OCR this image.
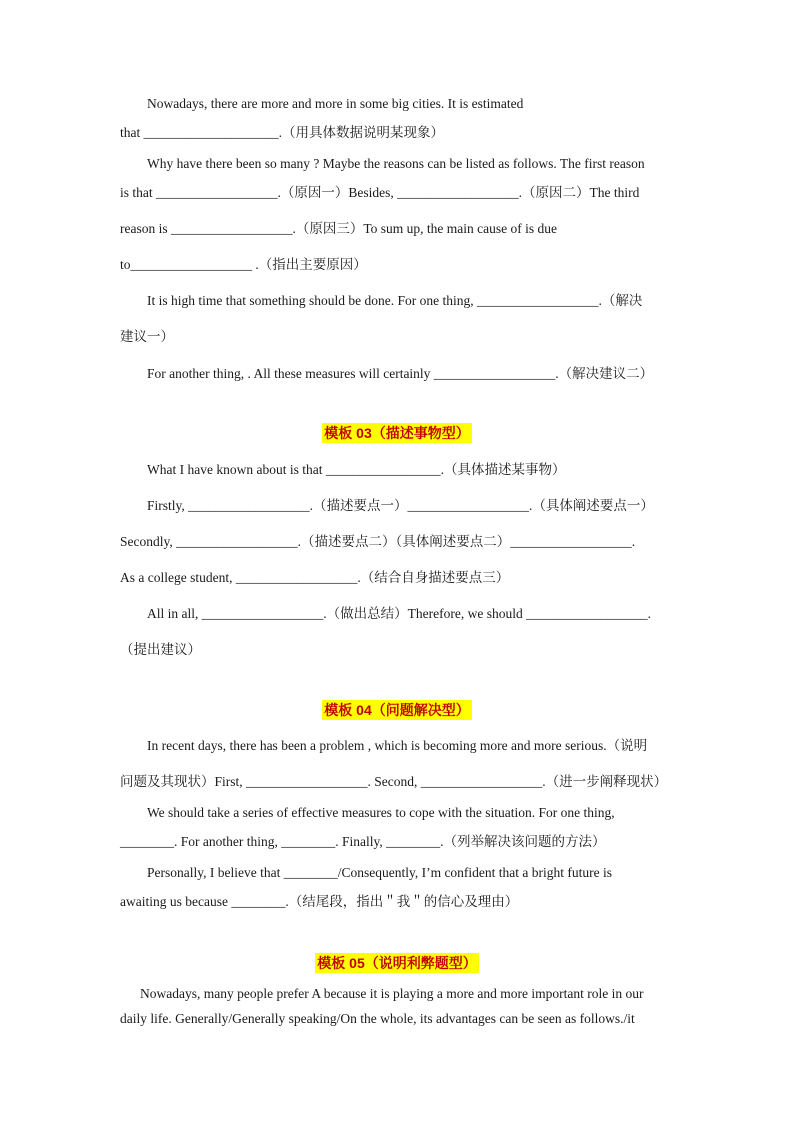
Nowadays, there are more and more in some big cities. It is estimated
that ____________________.（用具体数据说明某现象）
Why have there been so many ? Maybe the reasons can be listed as follows. The first reason
is that __________________.（原因一）Besides, __________________.（原因二）The third
reason is __________________.（原因三）To sum up, the main cause of is due
to__________________ .（指出主要原因）
It is high time that something should be done. For one thing, __________________.（解决
建议一）
For another thing, . All these measures will certainly __________________.（解决建议二）
模板 03（描述事物型）
What I have known about is that _________________.（具体描述某事物）
Firstly, __________________.（描述要点一）__________________.（具体阐述要点一）
Secondly, __________________.（描述要点二）（具体阐述要点二）__________________.
As a college student, __________________.（结合自身描述要点三）
All in all, __________________.（做出总结）Therefore, we should __________________.
（提出建议）
模板 04（问题解决型）
In recent days, there has been a problem , which is becoming more and more serious.（说明
问题及其现状）First, __________________. Second, __________________.（进一步阐释现状）
We should take a series of effective measures to cope with the situation. For one thing,
________. For another thing, ________. Finally, ________.（列举解决该问题的方法）
Personally, I believe that ________/Consequently, I’m confident that a bright future is
awaiting us because ________.（结尾段，指出＂我＂的信心及理由）
模板 05（说明利弊题型）
Nowadays, many people prefer A because it is playing a more and more important role in our
daily life. Generally/Generally speaking/On the whole, its advantages can be seen as follows./it
